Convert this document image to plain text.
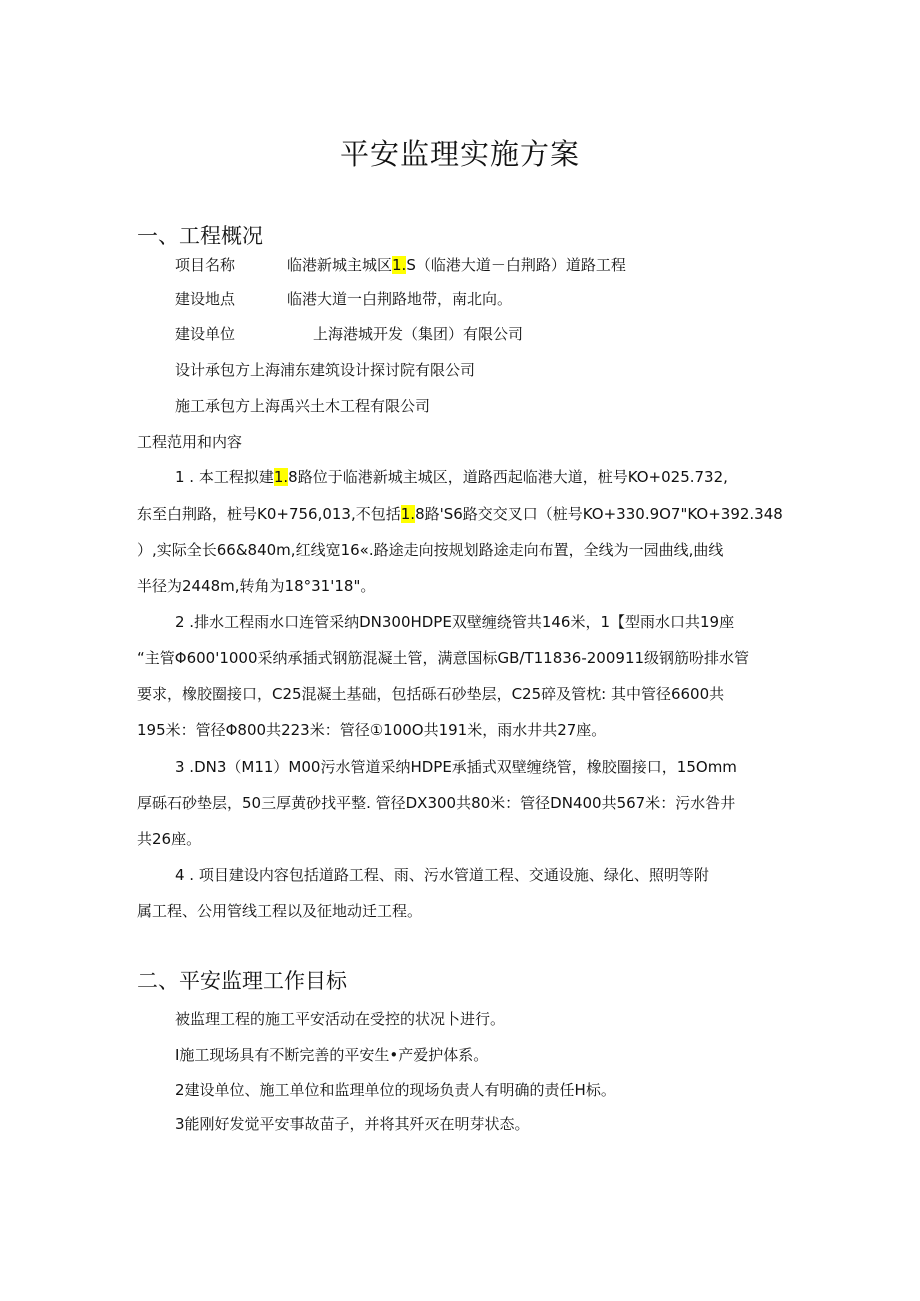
平安监理实施方案
一、工程概况
项目名称	临港新城主城区1.S（临港大道－白荆路）道路工程
建设地点	临港大道一白荆路地带，南北向。
建设单位	上海港城开发（集团）有限公司
设计承包方上海浦东建筑设计探讨院有限公司
施工承包方上海禹兴土木工程有限公司
工程范用和内容
1 . 本工程拟建1.8路位于临港新城主城区，道路西起临港大道，桩号KO+025.732,
东至白荆路，桩号K0+756,013,不包括1.8路'S6路交交叉口（桩号KO+330.9O7"KO+392.348
）,实际全长66&840m,红线宽16«.路途走向按规划路途走向布置，全线为一园曲线,曲线
半径为2448m,转角为18°31'18"。
2 .排水工程雨水口连管采纳DN300HDPE双壁缠绕管共146米，1【型雨水口共19座
“主管Φ600'1000采纳承插式钢筋混凝土管，满意国标GB/T11836-200911级钢筋吩排水管
要求，橡胶圈接口，C25混凝土基础，包括砾石砂垫层，C25碎及管枕: 其中管径6600共
195米：管径Φ800共223米：管径①100O共191米，雨水井共27座。
3 .DN3（M11）M00污水管道采纳HDPE承插式双壁缠绕管，橡胶圈接口，15Omm
厚砾石砂垫层，50三厚黄砂找平整. 管径DX300共80米：管径DN400共567米：污水咎井
共26座。
4 . 项目建设内容包括道路工程、雨、污水管道工程、交通设施、绿化、照明等附
属工程、公用管线工程以及征地动迁工程。
二、平安监理工作目标
被监理工程的施工平安活动在受控的状况卜进行。
I施工现场具有不断完善的平安生•产爱护体系。
2建设单位、施工单位和监理单位的现场负责人有明确的责任H标。
3能刚好发觉平安事故苗子，并将其歼灭在明芽状态。
